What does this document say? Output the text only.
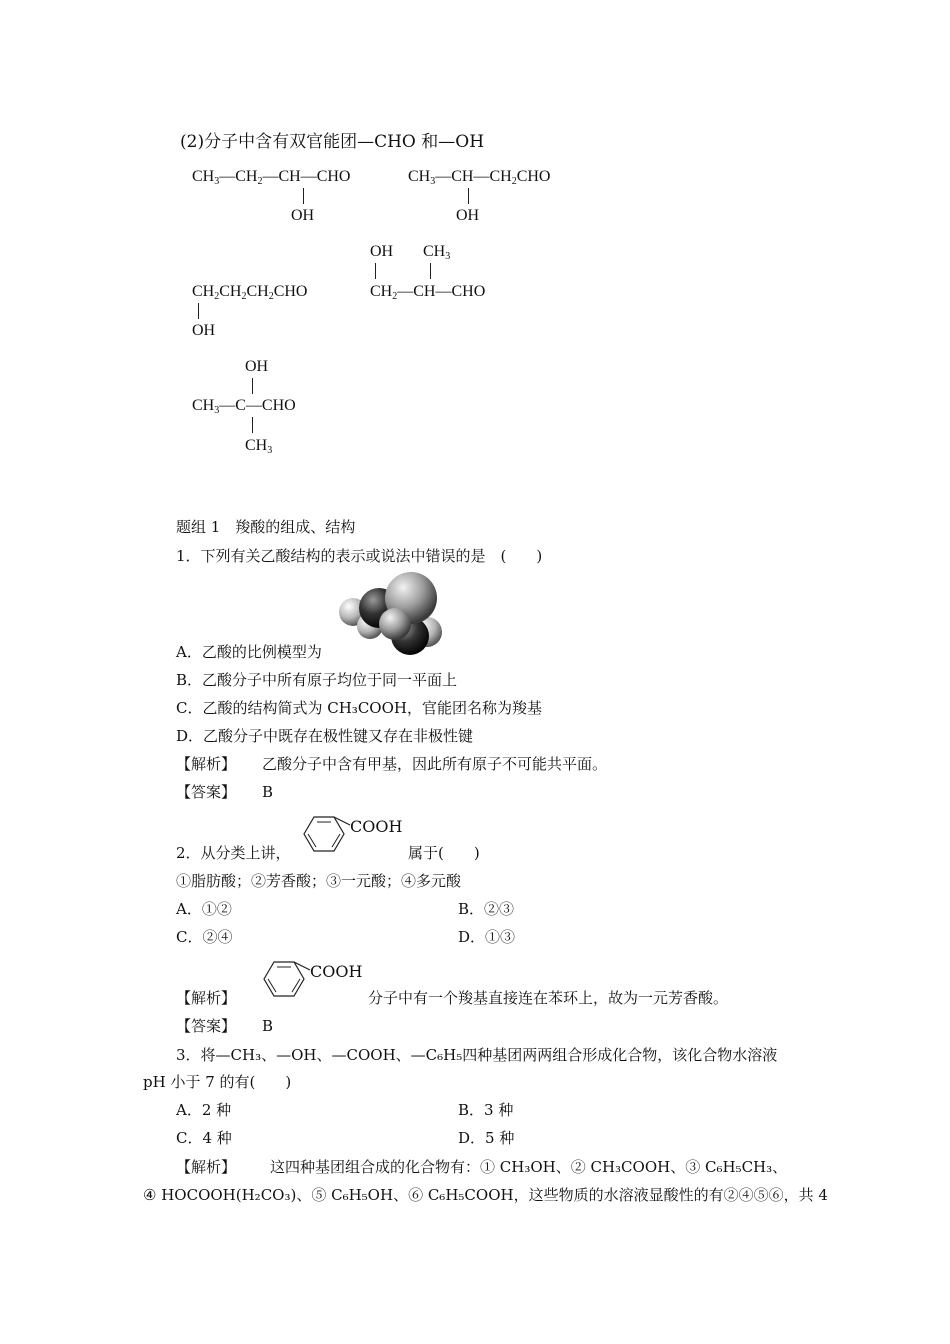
(2)分子中含有双官能团—CHO 和—OH
$CH_3—CH_2—CH—CHO$
OH
$CH_3—CH—CH_2CHO$
OH
$CH_2CH_2CH_2CHO$
OH
OH $CH_3$
$CH_2—CH—CHO$
OH
$CH_3—C—CHO$
$CH_3$
题组 1　羧酸的组成、结构
1．下列有关乙酸结构的表示或说法中错误的是　(　　)
A．乙酸的比例模型为
B．乙酸分子中所有原子均位于同一平面上
C．乙酸的结构简式为 CH₃COOH，官能团名称为羧基
D．乙酸分子中既存在极性键又存在非极性键
【解析】 乙酸分子中含有甲基，因此所有原子不可能共平面。
【答案】 B
2．从分类上讲，
COOH
属于(　　)
①脂肪酸；②芳香酸；③一元酸；④多元酸
A．①②	B．②③
C．②④	D．①③
【解析】
COOH
分子中有一个羧基直接连在苯环上，故为一元芳香酸。
【答案】 B
3．将—CH₃、—OH、—COOH、—C₆H₅四种基团两两组合形成化合物，该化合物水溶液
pH 小于 7 的有(　　)
A．2 种	B．3 种
C．4 种	D．5 种
【解析】 这四种基团组合成的化合物有：① CH₃OH、② CH₃COOH、③ C₆H₅CH₃、
④ HOCOOH(H₂CO₃)、⑤ C₆H₅OH、⑥ C₆H₅COOH，这些物质的水溶液显酸性的有②④⑤⑥，共 4
